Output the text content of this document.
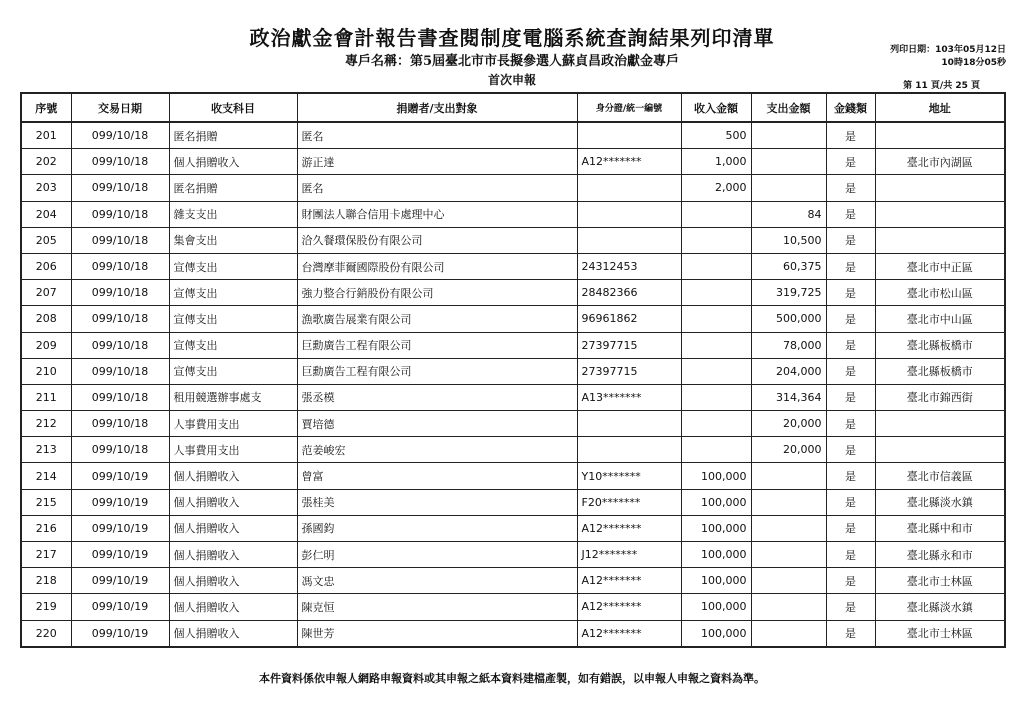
政治獻金會計報告書查閱制度電腦系統查詢結果列印清單
專戶名稱：第5屆臺北市市長擬參選人蘇貞昌政治獻金專戶
首次申報
列印日期：103年05月12日
10時18分05秒
第 11 頁/共 25 頁
序號	交易日期	收支科目	捐贈者/支出對象	身分證/統一編號	收入金額	支出金額	金錢類	地址
201	099/10/18	匿名捐贈	匿名		500		是	
202	099/10/18	個人捐贈收入	游正達	A12*******	1,000		是	臺北市內湖區
203	099/10/18	匿名捐贈	匿名		2,000		是	
204	099/10/18	雜支支出	財團法人聯合信用卡處理中心			84	是	
205	099/10/18	集會支出	洽久餐環保股份有限公司			10,500	是	
206	099/10/18	宣傳支出	台灣摩菲爾國際股份有限公司	24312453		60,375	是	臺北市中正區
207	099/10/18	宣傳支出	強力整合行銷股份有限公司	28482366		319,725	是	臺北市松山區
208	099/10/18	宣傳支出	漁歌廣告展業有限公司	96961862		500,000	是	臺北市中山區
209	099/10/18	宣傳支出	巨勳廣告工程有限公司	27397715		78,000	是	臺北縣板橋市
210	099/10/18	宣傳支出	巨勳廣告工程有限公司	27397715		204,000	是	臺北縣板橋市
211	099/10/18	租用競選辦事處支	張丞模	A13*******		314,364	是	臺北市錦西街
212	099/10/18	人事費用支出	賈培德			20,000	是	
213	099/10/18	人事費用支出	范姜峻宏			20,000	是	
214	099/10/19	個人捐贈收入	曾富	Y10*******	100,000		是	臺北市信義區
215	099/10/19	個人捐贈收入	張桂美	F20*******	100,000		是	臺北縣淡水鎮
216	099/10/19	個人捐贈收入	孫國鈞	A12*******	100,000		是	臺北縣中和市
217	099/10/19	個人捐贈收入	彭仁明	J12*******	100,000		是	臺北縣永和市
218	099/10/19	個人捐贈收入	馮文忠	A12*******	100,000		是	臺北市士林區
219	099/10/19	個人捐贈收入	陳克恒	A12*******	100,000		是	臺北縣淡水鎮
220	099/10/19	個人捐贈收入	陳世芳	A12*******	100,000		是	臺北市士林區
本件資料係依申報人網路申報資料或其申報之紙本資料建檔產製，如有錯誤，以申報人申報之資料為準。
